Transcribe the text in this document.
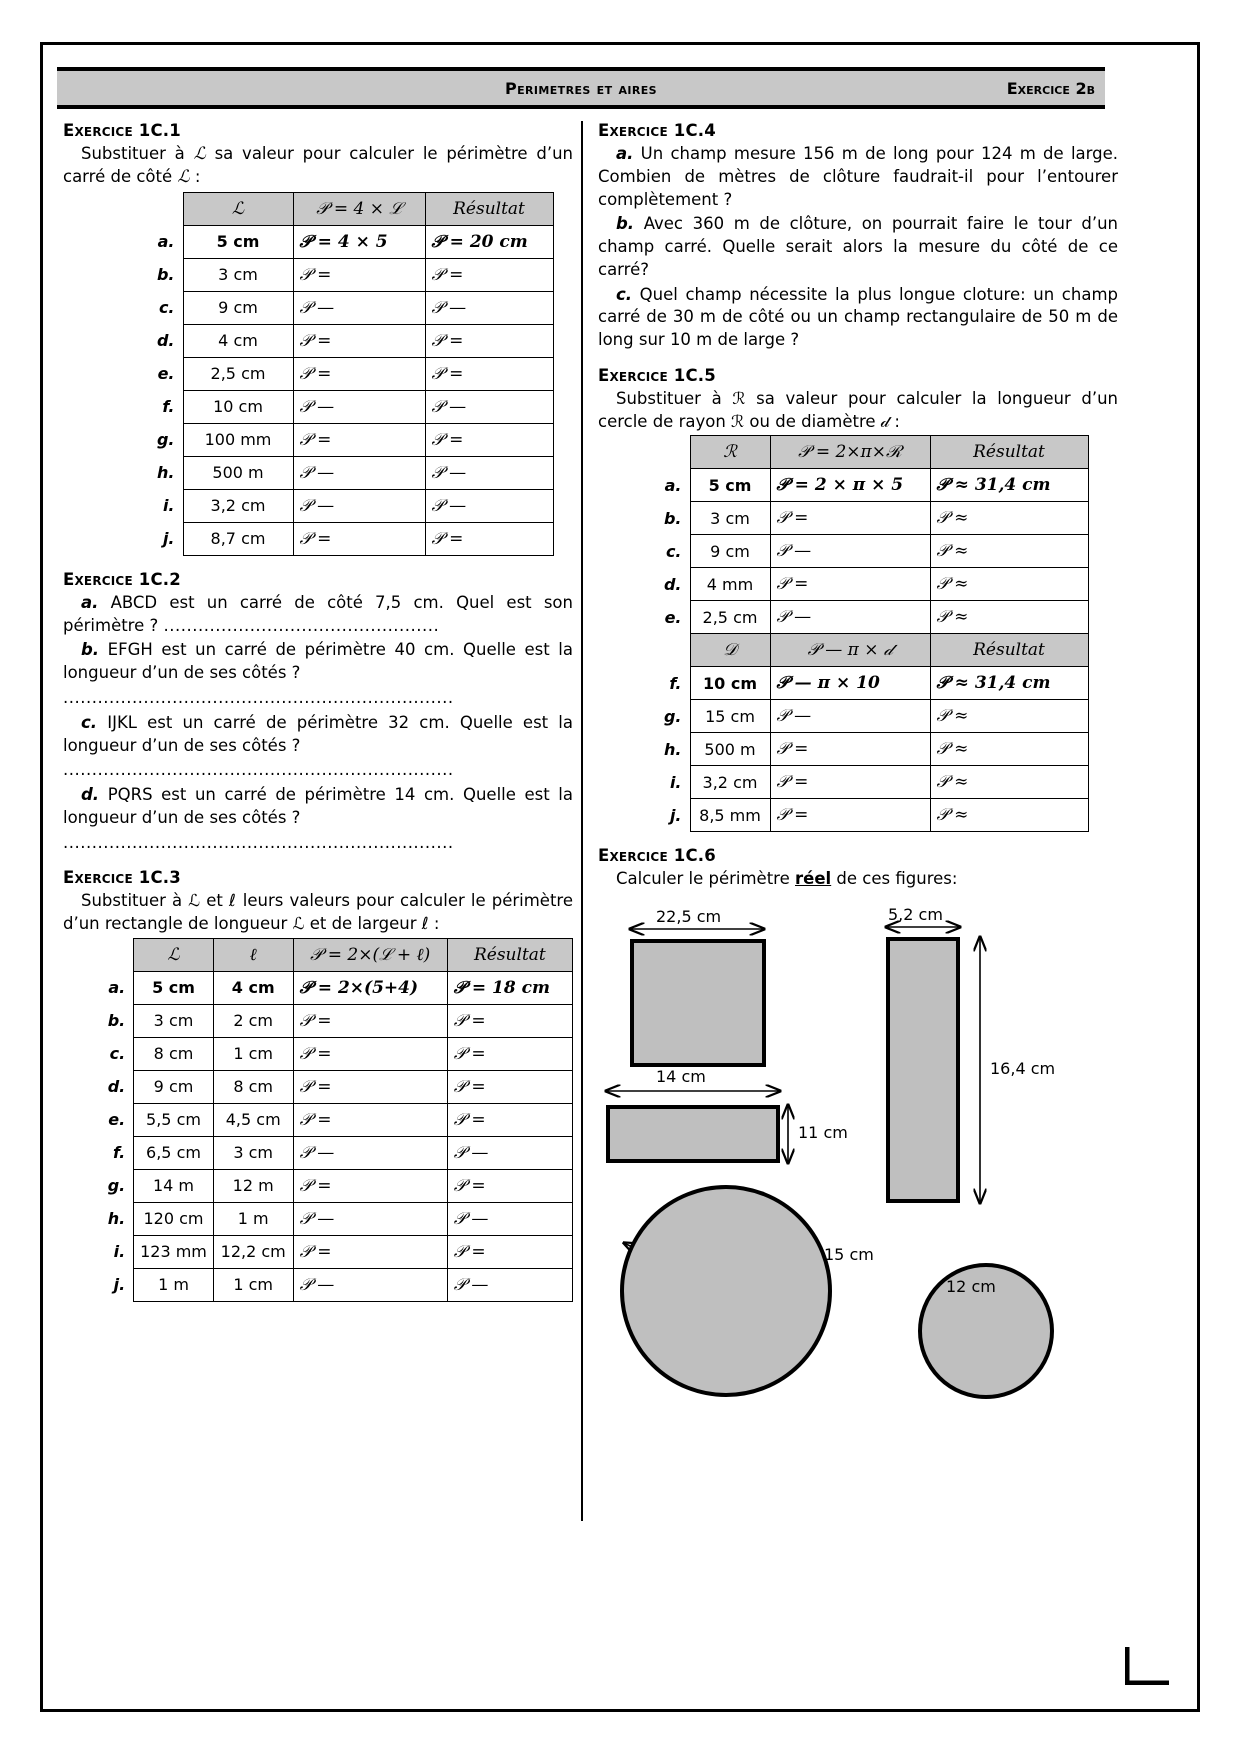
Perimetres et aires	Exercice 2b
Exercice 1C.1

Substituer à ℒ sa valeur pour calculer le périmètre d’un carré de côté ℒ :

	ℒ	𝒫 = 4 × ℒ	Résultat
a.	5 cm	𝒫 = 4 × 5	𝒫 = 20 cm
b.	3 cm	𝒫 =	𝒫 =
c.	9 cm	𝒫 —	𝒫 —
d.	4 cm	𝒫 =	𝒫 =
e.	2,5 cm	𝒫 =	𝒫 =
f.	10 cm	𝒫 —	𝒫 —
g.	100 mm	𝒫 =	𝒫 =
h.	500 m	𝒫 —	𝒫 —
i.	3,2 cm	𝒫 —	𝒫 —
j.	8,7 cm	𝒫 =	𝒫 =
Exercice 1C.2

a. ABCD est un carré de côté 7,5 cm. Quel est son périmètre ? ................................................

b. EFGH est un carré de périmètre 40 cm. Quelle est la longueur d’un de ses côtés ?

....................................................................

c. IJKL est un carré de périmètre 32 cm. Quelle est la longueur d’un de ses côtés ?

....................................................................

d. PQRS est un carré de périmètre 14 cm. Quelle est la longueur d’un de ses côtés ?

....................................................................

Exercice 1C.3

Substituer à ℒ et ℓ leurs valeurs pour calculer le périmètre d’un rectangle de longueur ℒ et de largeur ℓ :

	ℒ	ℓ	𝒫 = 2×(ℒ + ℓ)	Résultat
a.	5 cm	4 cm	𝒫 = 2×(5+4)	𝒫 = 18 cm
b.	3 cm	2 cm	𝒫 =	𝒫 =
c.	8 cm	1 cm	𝒫 =	𝒫 =
d.	9 cm	8 cm	𝒫 =	𝒫 =
e.	5,5 cm	4,5 cm	𝒫 =	𝒫 =
f.	6,5 cm	3 cm	𝒫 —	𝒫 —
g.	14 m	12 m	𝒫 =	𝒫 =
h.	120 cm	1 m	𝒫 —	𝒫 —
i.	123 mm	12,2 cm	𝒫 =	𝒫 =
j.	1 m	1 cm	𝒫 —	𝒫 —
Exercice 1C.4

a. Un champ mesure 156 m de long pour 124 m de large. Combien de mètres de clôture faudrait-il pour l’entourer complètement ?

b. Avec 360 m de clôture, on pourrait faire le tour d’un champ carré. Quelle serait alors la mesure du côté de ce carré?

c. Quel champ nécessite la plus longue cloture: un champ carré de 30 m de côté ou un champ rectangulaire de 50 m de long sur 10 m de large ?

Exercice 1C.5

Substituer à ℛ sa valeur pour calculer la longueur d’un cercle de rayon ℛ ou de diamètre 𝒹 :

	ℛ	𝒫 = 2×π×ℛ	Résultat
a.	5 cm	𝒫 = 2 × π × 5	𝒫 ≈ 31,4 cm
b.	3 cm	𝒫 =	𝒫 ≈
c.	9 cm	𝒫 —	𝒫 ≈
d.	4 mm	𝒫 =	𝒫 ≈
e.	2,5 cm	𝒫 —	𝒫 ≈
	𝒟	𝒫 — π × 𝒹	Résultat
f.	10 cm	𝒫 — π × 10	𝒫 ≈ 31,4 cm
g.	15 cm	𝒫 —	𝒫 ≈
h.	500 m	𝒫 =	𝒫 ≈
i.	3,2 cm	𝒫 =	𝒫 ≈
j.	8,5 mm	𝒫 =	𝒫 ≈
Exercice 1C.6

Calculer le périmètre réel de ces figures:

22,5 cm	5,2 cm
16,4 cm
14 cm
11 cm
15 cm
12 cm
